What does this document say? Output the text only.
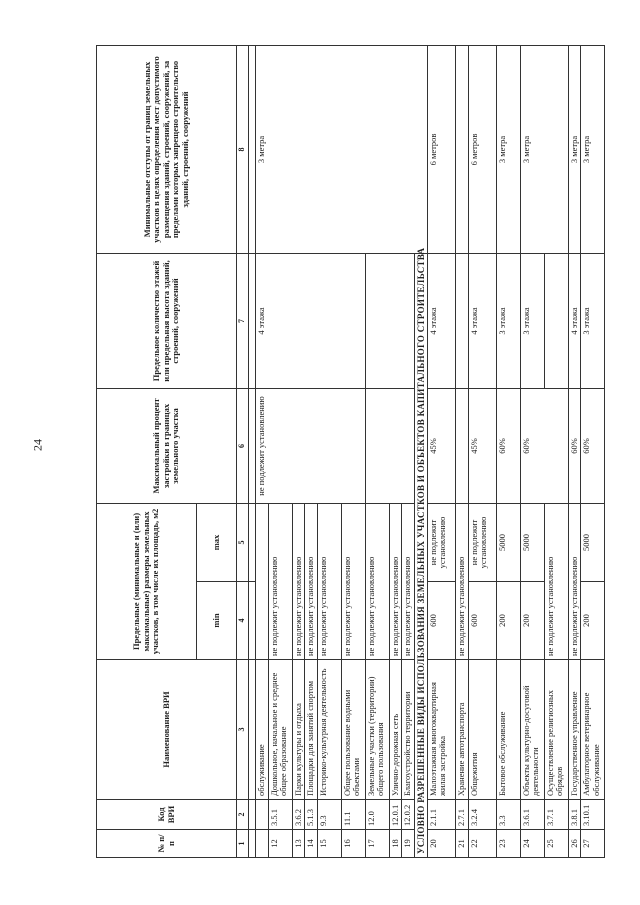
24
№ п/п	Код ВРИ	Наименование ВРИ	Предельные (минимальные и (или) максимальные) размеры земельных участков, в том числе их площадь, м2		Максимальный процент застройки в границах земельного участка	Предельное количество этажей или предельная высота зданий, строений, сооружений	Минимальные отступы от границ земельных участков в целях определения мест допустимого размещения зданий, строений, сооружений, за пределами которых запрещено строительство зданий, строений, сооружений
			min	max			
1	2	3	4	5	6	7	8

		обслуживание			не подлежит установлению	4 этажа	3 метра
12	3.5.1	Дошкольное, начальное и среднее общее образование	не подлежит установлению				
13	3.6.2	Парки культуры и отдыха	не подлежит установлению				
14	5.1.3	Площадки для занятий спортом	не подлежит установлению				
15	9.3	Историко-культурная деятельность	не подлежит установлению				
16	11.1	Общее пользование водными объектами	не подлежит установлению				
17	12.0	Земельные участки (территории) общего пользования	не подлежит установлению				
18	12.0.1	Улично-дорожная сеть	не подлежит установлению				
19	12.0.2	Благоустройство территории	не подлежит установлению				
УСЛОВНО РАЗРЕШЕННЫЕ ВИДЫ ИСПОЛЬЗОВАНИЯ ЗЕМЕЛЬНЫХ УЧАСТКОВ И ОБЪЕКТОВ КАПИТАЛЬНОГО СТРОИТЕЛЬСТВА							
20	2.1.1	Малоэтажная многоквартирная жилая застройка	600	не подлежит установлению	45%	4 этажа	6 метров
21	2.7.1	Хранение автотранспорта	не подлежит установлению				
22	3.2.4	Общежития	600	не подлежит установлению	45%	4 этажа	6 метров
23	3.3	Бытовое обслуживание	200	5000	60%	3 этажа	3 метра
24	3.6.1	Объекты культурно-досуговой деятельности	200	5000	60%	3 этажа	3 метра
25	3.7.1	Осуществление религиозных обрядов	не подлежит установлению				
26	3.8.1	Государственное управление	не подлежит установлению		60%	4 этажа	3 метра
27	3.10.1	Амбулаторное ветеринарное обслуживание	200	5000	60%	3 этажа	3 метра
